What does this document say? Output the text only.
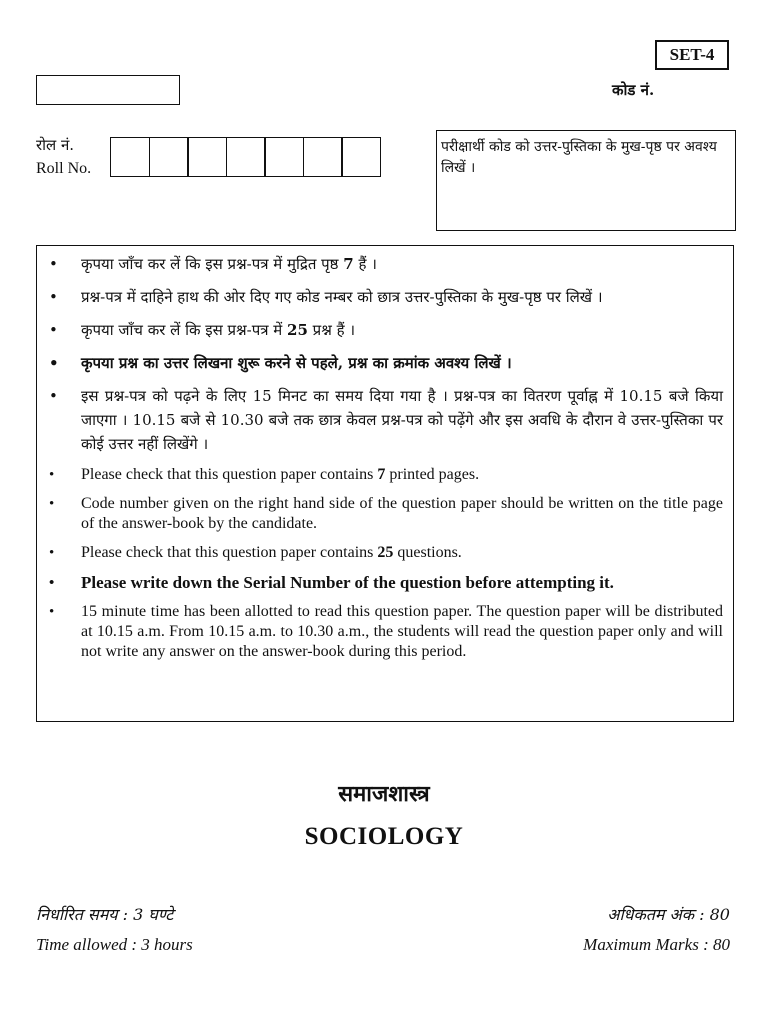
SET-4
कोड नं.
रोल नं.
Roll No.
परीक्षार्थी कोड को उत्तर-पुस्तिका के मुख-पृष्ठ पर अवश्य लिखें ।
• कृपया जाँच कर लें कि इस प्रश्न-पत्र में मुद्रित पृष्ठ 7 हैं ।
• प्रश्न-पत्र में दाहिने हाथ की ओर दिए गए कोड नम्बर को छात्र उत्तर-पुस्तिका के मुख-पृष्ठ पर लिखें ।
• कृपया जाँच कर लें कि इस प्रश्न-पत्र में 25 प्रश्न हैं ।
• कृपया प्रश्न का उत्तर लिखना शुरू करने से पहले, प्रश्न का क्रमांक अवश्य लिखें ।
• इस प्रश्न-पत्र को पढ़ने के लिए 15 मिनट का समय दिया गया है । प्रश्न-पत्र का वितरण पूर्वाह्न में 10.15 बजे किया जाएगा । 10.15 बजे से 10.30 बजे तक छात्र केवल प्रश्न-पत्र को पढ़ेंगे और इस अवधि के दौरान वे उत्तर-पुस्तिका पर कोई उत्तर नहीं लिखेंगे ।
• Please check that this question paper contains 7 printed pages.
• Code number given on the right hand side of the question paper should be written on the title page of the answer-book by the candidate.
• Please check that this question paper contains 25 questions.
• Please write down the Serial Number of the question before attempting it.
• 15 minute time has been allotted to read this question paper. The question paper will be distributed at 10.15 a.m. From 10.15 a.m. to 10.30 a.m., the students will read the question paper only and will not write any answer on the answer-book during this period.
समाजशास्त्र
SOCIOLOGY
निर्धारित समय : 3 घण्टे
Time allowed : 3 hours
अधिकतम अंक : 80
Maximum Marks : 80
